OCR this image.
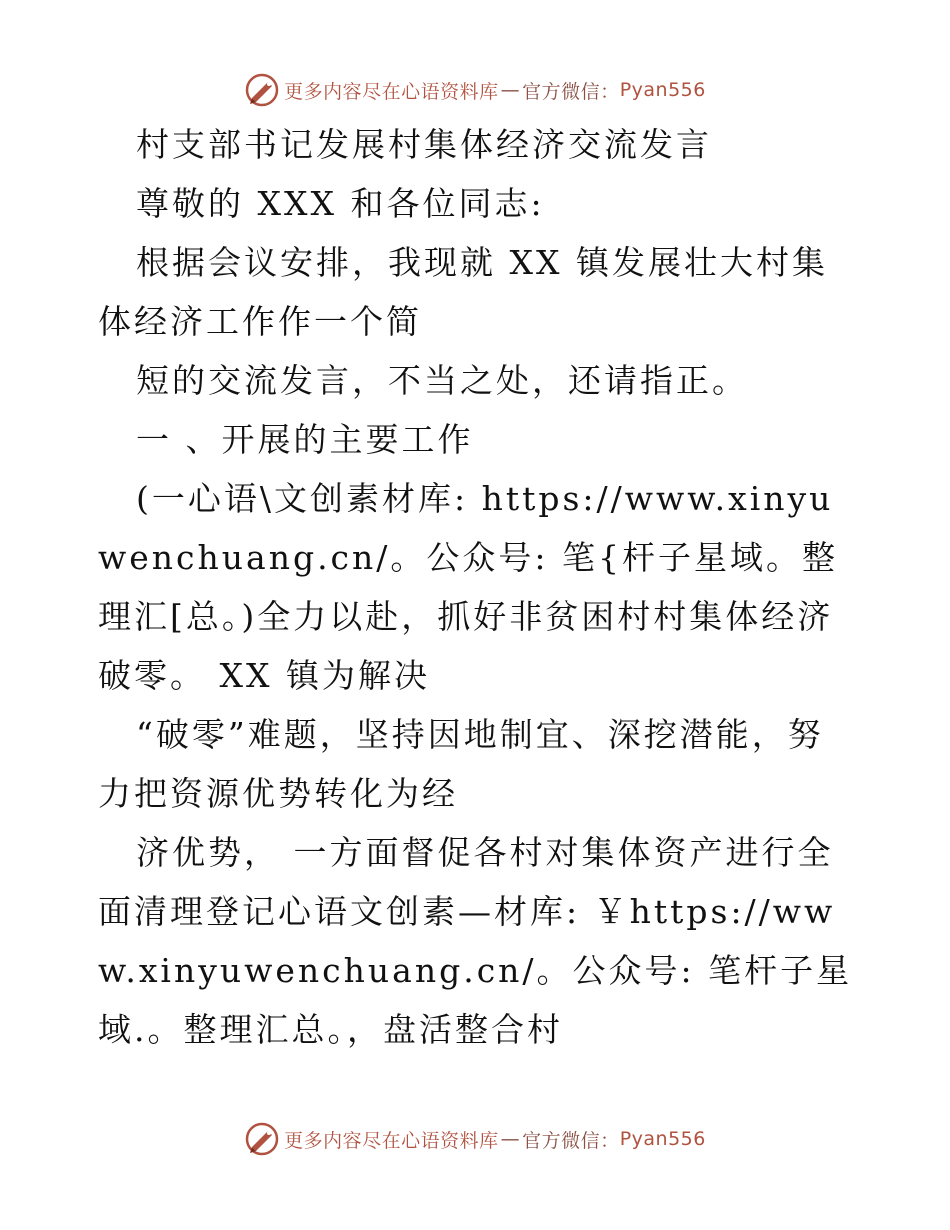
更多内容尽在心语资料库 — 官方微信： Pyan556

村支部书记发展村集体经济交流发言

尊敬的 XXX 和各位同志:

根据会议安排，我现就 XX 镇发展壮大村集体经济工作作一个简

短的交流发言，不当之处，还请指正。

一 、开展的主要工作

(一心语\文创素材库: https://www.xinyuwenchuang.cn/。公众号: 笔{杆子星域。整理汇[总。)全力以赴，抓好非贫困村村集体经济破零。 XX 镇为解决

“破零”难题，坚持因地制宜、深挖潜能，努力把资源优势转化为经

济优势， 一方面督促各村对集体资产进行全面清理登记心语文创素—材库: ￥https://www.xinyuwenchuang.cn/。公众号: 笔杆子星域.。整理汇总。，盘活整合村

更多内容尽在心语资料库 — 官方微信： Pyan556
